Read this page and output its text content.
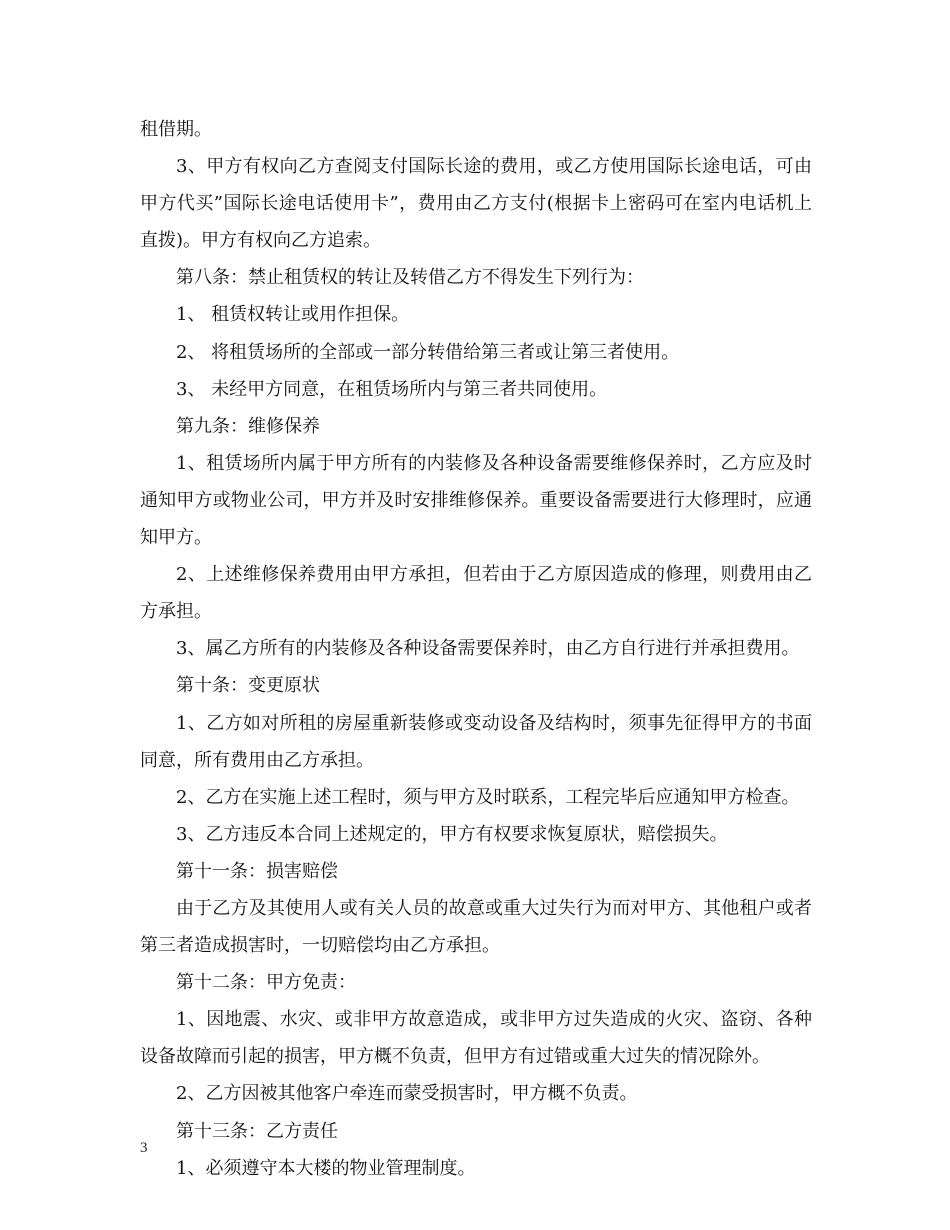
租借期。

3、甲方有权向乙方查阅支付国际长途的费用，或乙方使用国际长途电话，可由甲方代买”国际长途电话使用卡”，费用由乙方支付(根据卡上密码可在室内电话机上直拨)。甲方有权向乙方追索。

第八条：禁止租赁权的转让及转借乙方不得发生下列行为：

1、 租赁权转让或用作担保。

2、 将租赁场所的全部或一部分转借给第三者或让第三者使用。

3、 未经甲方同意，在租赁场所内与第三者共同使用。

第九条：维修保养

1、租赁场所内属于甲方所有的内装修及各种设备需要维修保养时，乙方应及时通知甲方或物业公司，甲方并及时安排维修保养。重要设备需要进行大修理时，应通知甲方。

2、上述维修保养费用由甲方承担，但若由于乙方原因造成的修理，则费用由乙方承担。

3、属乙方所有的内装修及各种设备需要保养时，由乙方自行进行并承担费用。

第十条：变更原状

1、乙方如对所租的房屋重新装修或变动设备及结构时，须事先征得甲方的书面同意，所有费用由乙方承担。

2、乙方在实施上述工程时，须与甲方及时联系，工程完毕后应通知甲方检查。

3、乙方违反本合同上述规定的，甲方有权要求恢复原状，赔偿损失。

第十一条：损害赔偿

由于乙方及其使用人或有关人员的故意或重大过失行为而对甲方、其他租户或者第三者造成损害时，一切赔偿均由乙方承担。

第十二条：甲方免责：

1、因地震、水灾、或非甲方故意造成，或非甲方过失造成的火灾、盗窃、各种设备故障而引起的损害，甲方概不负责，但甲方有过错或重大过失的情况除外。

2、乙方因被其他客户牵连而蒙受损害时，甲方概不负责。

第十三条：乙方责任

1、必须遵守本大楼的物业管理制度。

3
